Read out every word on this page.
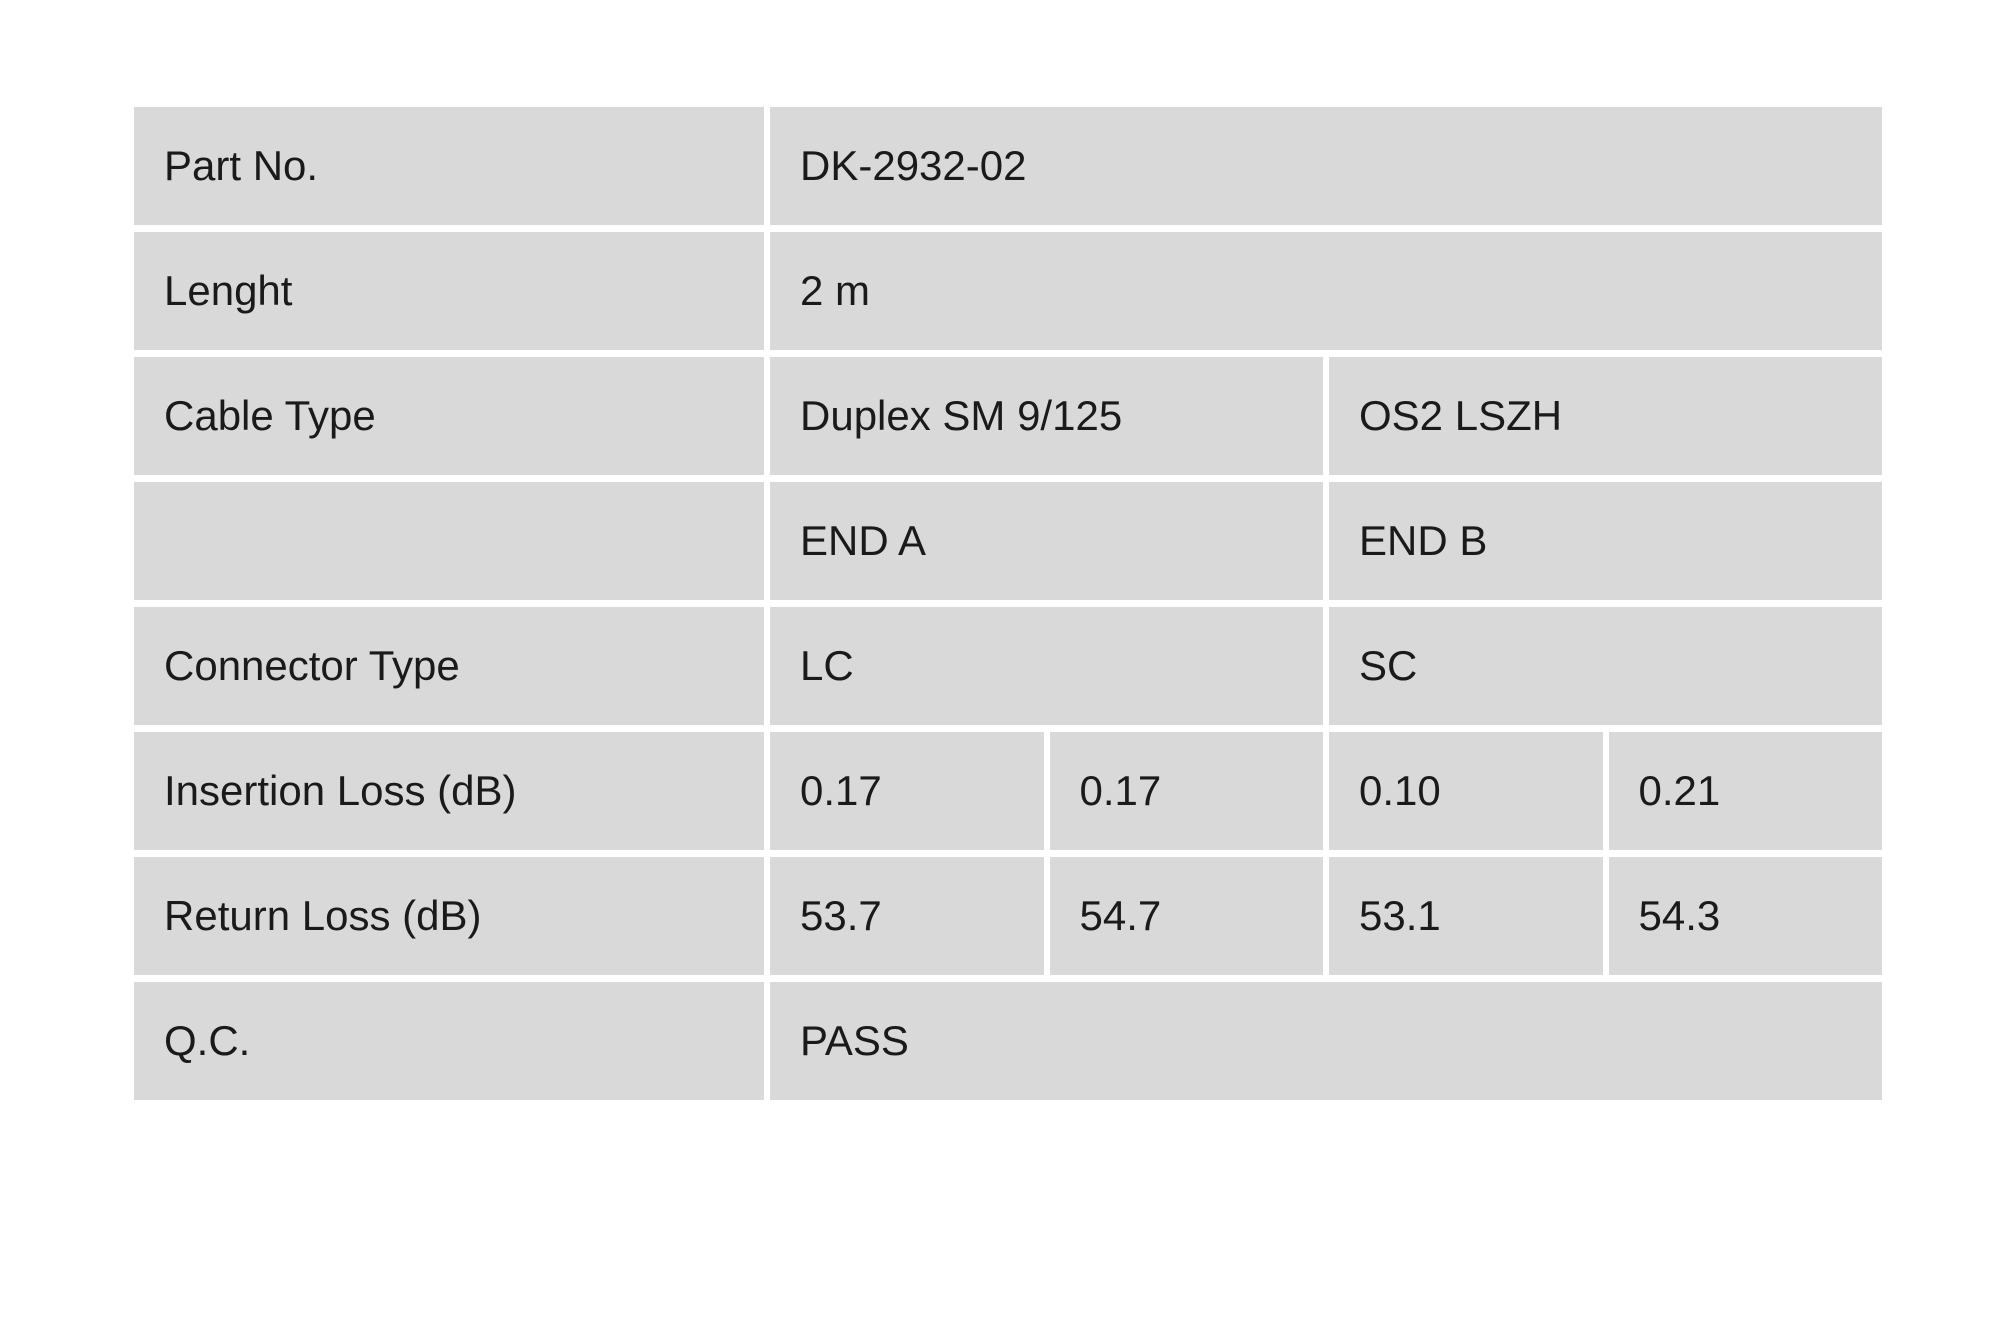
Part No.	DK-2932-02			
Lenght	2 m			
Cable Type	Duplex SM 9/125		OS2 LSZH	
	END A		END B	
Connector Type	LC		SC	
Insertion Loss (dB)	0.17	0.17	0.10	0.21
Return Loss (dB)	53.7	54.7	53.1	54.3
Q.C.	PASS			
